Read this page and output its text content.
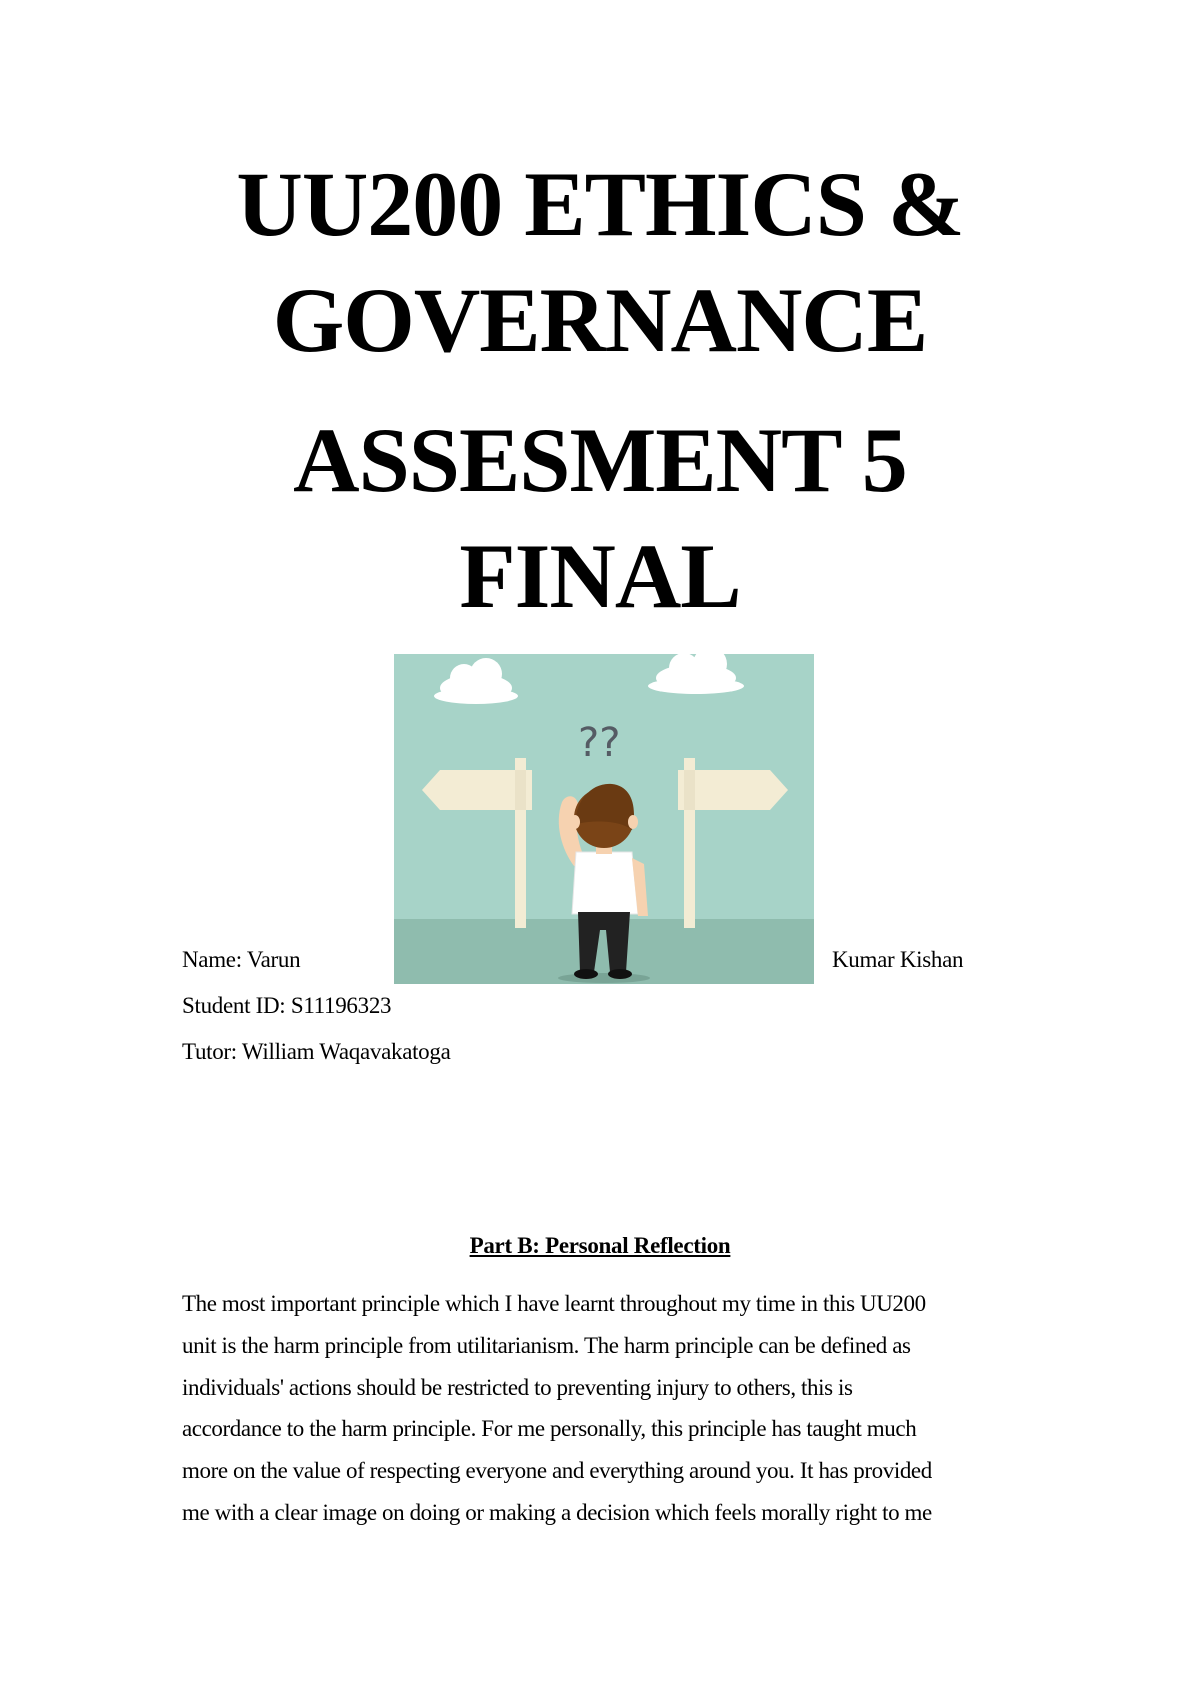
UU200 ETHICS &
GOVERNANCE
ASSESMENT 5
FINAL
??
Name: Varun	Kumar Kishan
Student ID: S11196323
Tutor: William Waqavakatoga
Part B: Personal Reflection
The most important principle which I have learnt throughout my time in this UU200
unit is the harm principle from utilitarianism. The harm principle can be defined as
individuals' actions should be restricted to preventing injury to others, this is
accordance to the harm principle. For me personally, this principle has taught much
more on the value of respecting everyone and everything around you. It has provided
me with a clear image on doing or making a decision which feels morally right to me
